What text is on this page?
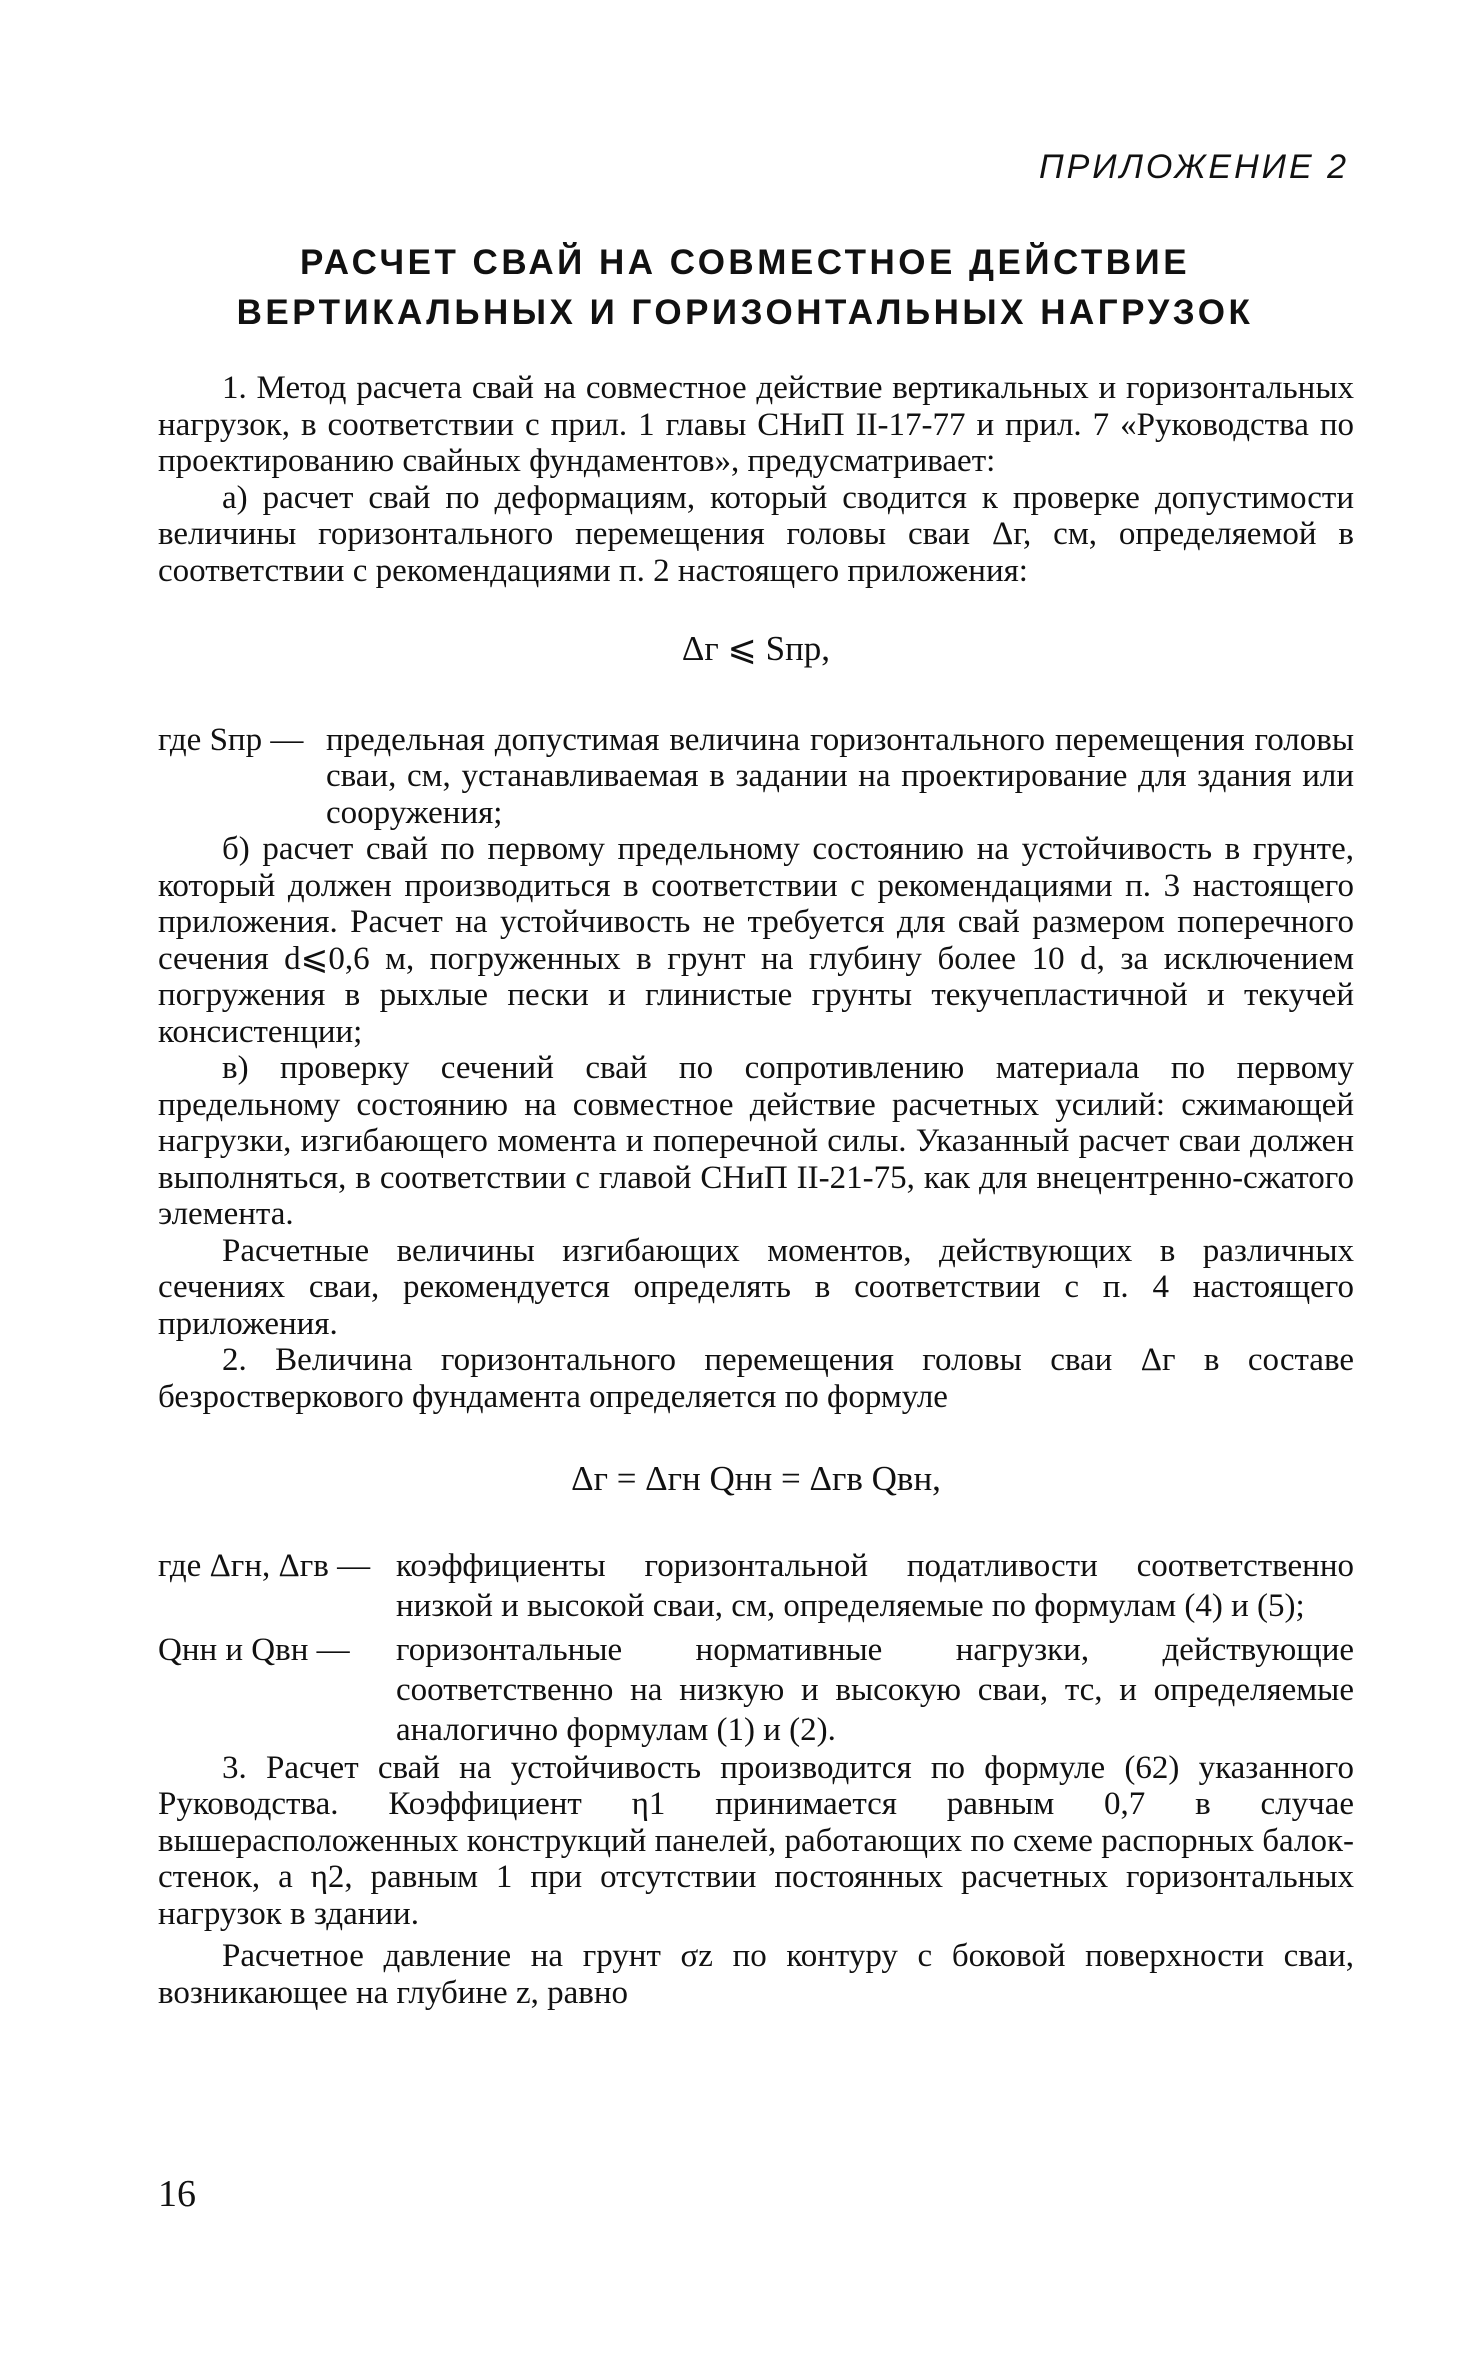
ПРИЛОЖЕНИЕ 2
РАСЧЕТ СВАЙ НА СОВМЕСТНОЕ ДЕЙСТВИЕ
ВЕРТИКАЛЬНЫХ И ГОРИЗОНТАЛЬНЫХ НАГРУЗОК

1. Метод расчета свай на совместное действие вертикальных и горизонтальных нагрузок, в соответствии с прил. 1 главы СНиП II-17-77 и прил. 7 «Руководства по проектированию свайных фундаментов», предусматривает:

а) расчет свай по деформациям, который сводится к проверке допустимости величины горизонтального перемещения головы сваи Δг, см, определяемой в соответствии с рекомендациями п. 2 настоящего приложения:

Δг ⩽ Sпр,
где Sпр — предельная допустимая величина горизонтального перемещения головы сваи, см, устанавливаемая в задании на проектирование для здания или сооружения;

б) расчет свай по первому предельному состоянию на устойчивость в грунте, который должен производиться в соответствии с рекомендациями п. 3 настоящего приложения. Расчет на устойчивость не требуется для свай размером поперечного сечения d⩽0,6 м, погруженных в грунт на глубину более 10 d, за исключением погружения в рыхлые пески и глинистые грунты текучепластичной и текучей консистенции;

в) проверку сечений свай по сопротивлению материала по первому предельному состоянию на совместное действие расчетных усилий: сжимающей нагрузки, изгибающего момента и поперечной силы. Указанный расчет сваи должен выполняться, в соответствии с главой СНиП II-21-75, как для внецентренно-сжатого элемента.

Расчетные величины изгибающих моментов, действующих в различных сечениях сваи, рекомендуется определять в соответствии с п. 4 настоящего приложения.

2. Величина горизонтального перемещения головы сваи Δг в составе безростверкового фундамента определяется по формуле

Δг = Δгн Qнн = Δгв Qвн,
где Δгн, Δгв — коэффициенты горизонтальной податливости соответственно низкой и высокой сваи, см, определяемые по формулам (4) и (5);
Qнн и Qвн — горизонтальные нормативные нагрузки, действующие соответственно на низкую и высокую сваи, тс, и определяемые аналогично формулам (1) и (2).

3. Расчет свай на устойчивость производится по формуле (62) указанного Руководства. Коэффициент η1 принимается равным 0,7 в случае вышерасположенных конструкций панелей, работающих по схеме распорных балок-стенок, а η2, равным 1 при отсутствии постоянных расчетных горизонтальных нагрузок в здании.

Расчетное давление на грунт σz по контуру с боковой поверхности сваи, возникающее на глубине z, равно

16
